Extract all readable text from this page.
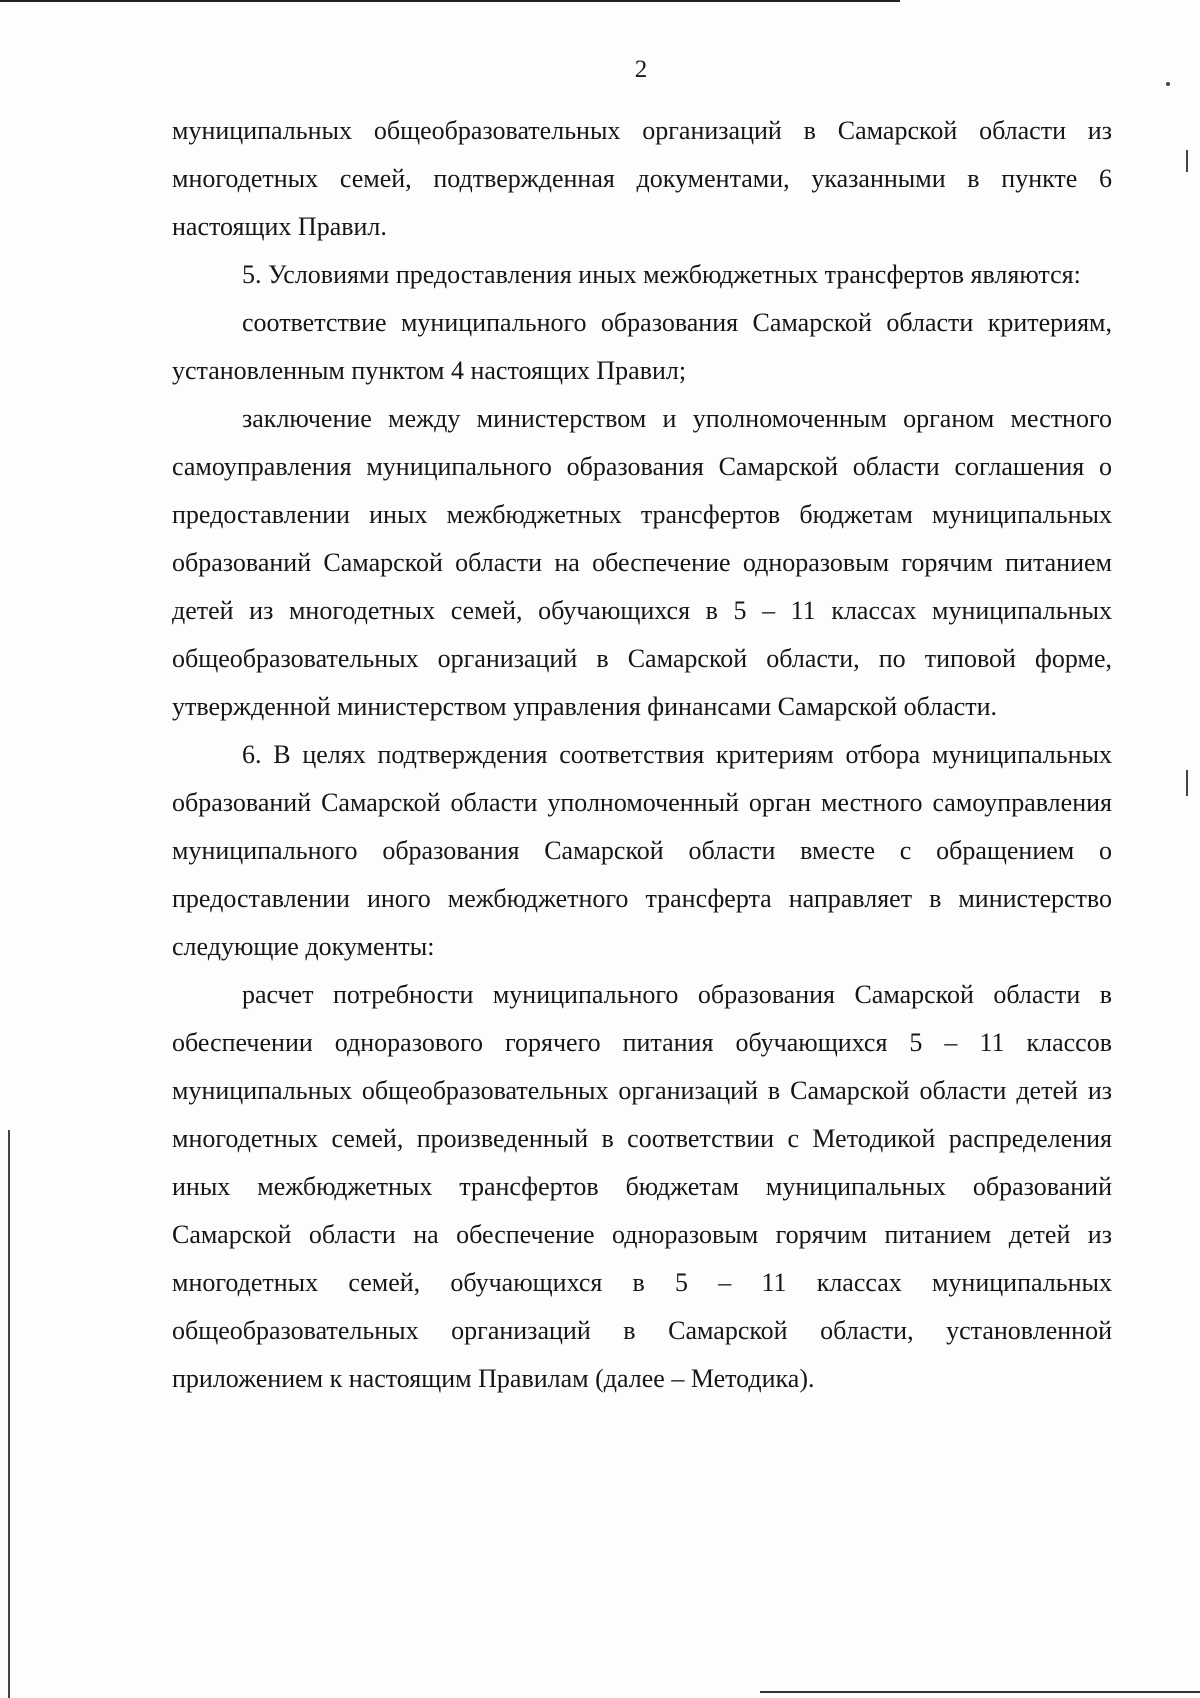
2

муниципальных общеобразовательных организаций в Самарской области из многодетных семей, подтвержденная документами, указанными в пункте 6 настоящих Правил.

5. Условиями предоставления иных межбюджетных трансфертов являются:

соответствие муниципального образования Самарской области критериям, установленным пунктом 4 настоящих Правил;

заключение между министерством и уполномоченным органом местного самоуправления муниципального образования Самарской области соглашения о предоставлении иных межбюджетных трансфертов бюджетам муниципальных образований Самарской области на обеспечение одноразовым горячим питанием детей из многодетных семей, обучающихся в 5 – 11 классах муниципальных общеобразовательных организаций в Самарской области, по типовой форме, утвержденной министерством управления финансами Самарской области.

6. В целях подтверждения соответствия критериям отбора муниципальных образований Самарской области уполномоченный орган местного самоуправления муниципального образования Самарской области вместе с обращением о предоставлении иного межбюджетного трансферта направляет в министерство следующие документы:

расчет потребности муниципального образования Самарской области в обеспечении одноразового горячего питания обучающихся 5 – 11 классов муниципальных общеобразовательных организаций в Самарской области детей из многодетных семей, произведенный в соответствии с Методикой распределения иных межбюджетных трансфертов бюджетам муниципальных образований Самарской области на обеспечение одноразовым горячим питанием детей из многодетных семей, обучающихся в 5 – 11 классах муниципальных общеобразовательных организаций в Самарской области, установленной приложением к настоящим Правилам (далее – Методика).
